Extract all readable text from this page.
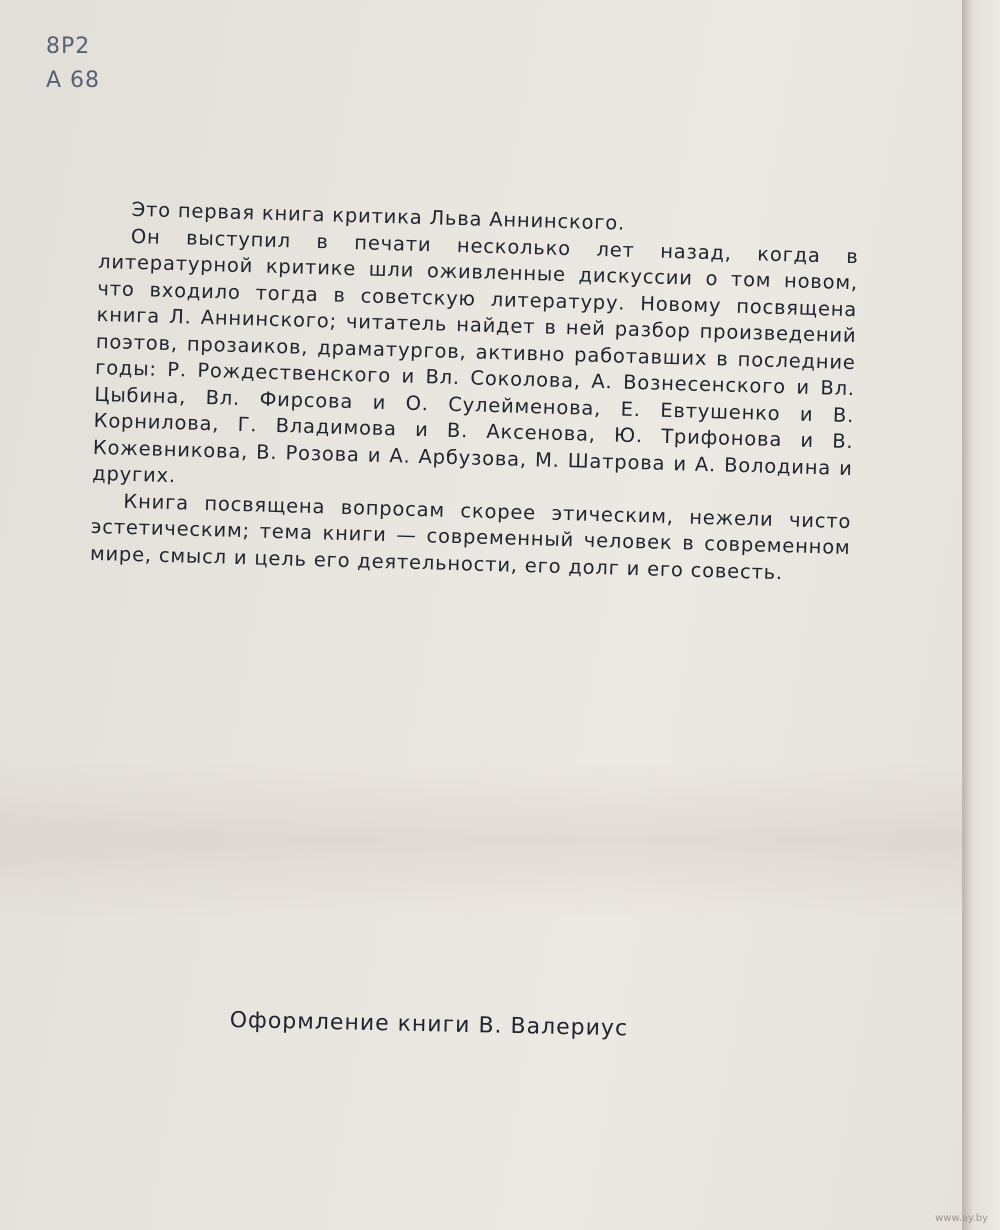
8Р2
А 68

Это первая книга критика Льва Аннинского.

Он выступил в печати несколько лет назад, когда в литературной критике шли оживленные дискуссии о том новом, что входило тогда в советскую литературу. Новому посвящена книга Л. Аннинского; читатель найдет в ней разбор произведений поэтов, прозаиков, драматургов, активно работавших в последние годы: Р. Рождественского и Вл. Соколова, А. Вознесенского и Вл. Цыбина, Вл. Фирсова и О. Сулейменова, Е. Евтушенко и В. Корнилова, Г. Владимова и В. Аксенова, Ю. Трифонова и В. Кожевникова, В. Розова и А. Арбузова, М. Шатрова и А. Володина и других.

Книга посвящена вопросам скорее этическим, нежели чисто эстетическим; тема книги — современный человек в современном мире, смысл и цель его деятельности, его долг и его совесть.

Оформление книги В. Валериус
www.ay.by
